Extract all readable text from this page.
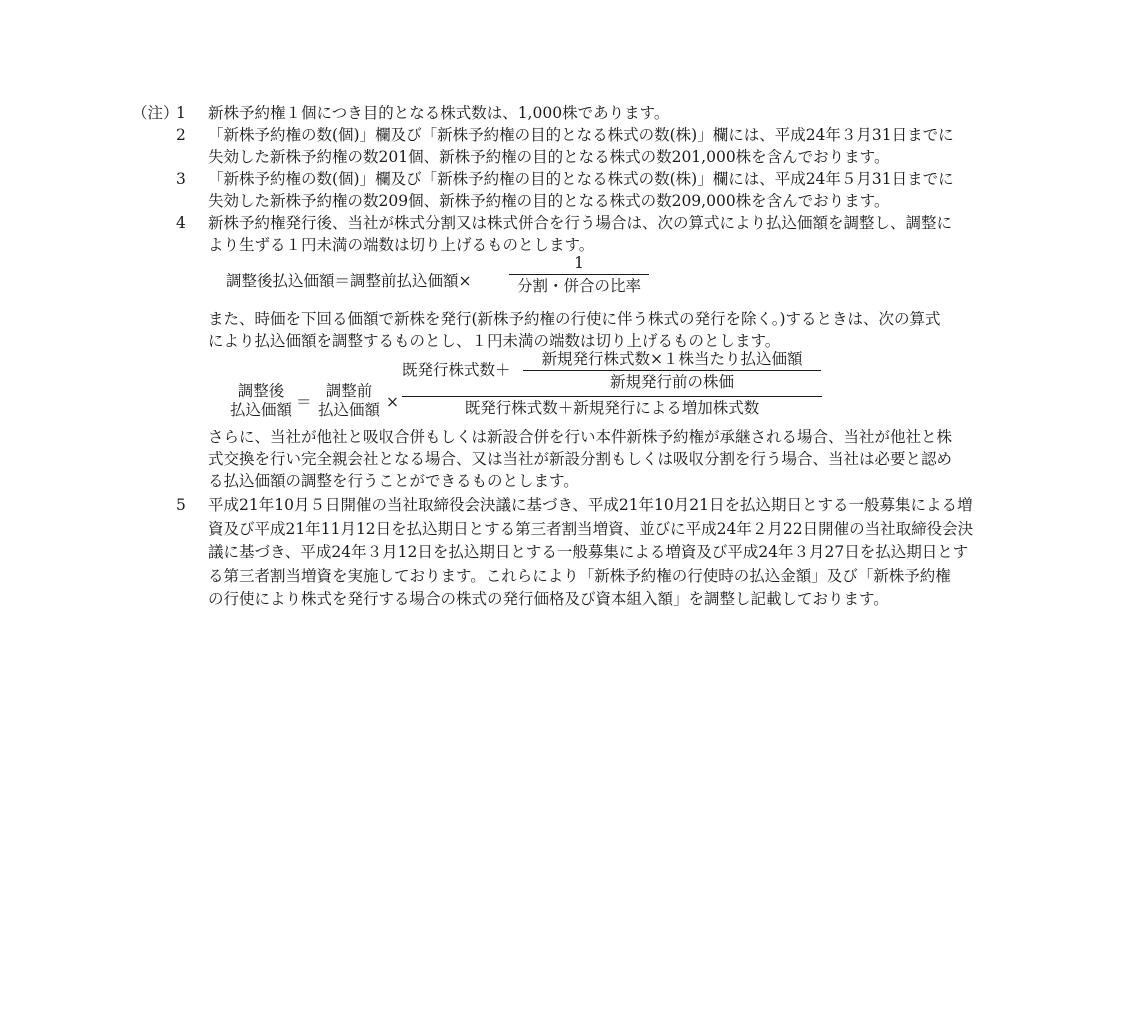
（注）
1 新株予約権１個につき目的となる株式数は、1,000株であります。
2 「新株予約権の数(個)」欄及び「新株予約権の目的となる株式の数(株)」欄には、平成24年３月31日までに
失効した新株予約権の数201個、新株予約権の目的となる株式の数201,000株を含んでおります。
3 「新株予約権の数(個)」欄及び「新株予約権の目的となる株式の数(株)」欄には、平成24年５月31日までに
失効した新株予約権の数209個、新株予約権の目的となる株式の数209,000株を含んでおります。
4 新株予約権発行後、当社が株式分割又は株式併合を行う場合は、次の算式により払込価額を調整し、調整に
より生ずる１円未満の端数は切り上げるものとします。
調整後払込価額＝調整前払込価額×
1
分割・併合の比率
また、時価を下回る価額で新株を発行(新株予約権の行使に伴う株式の発行を除く。)するときは、次の算式
により払込価額を調整するものとし、１円未満の端数は切り上げるものとします。
調整後
払込価額 ＝
調整前
払込価額 ×
既発行株式数＋
新規発行株式数×１株当たり払込価額
新規発行前の株価
既発行株式数＋新規発行による増加株式数
さらに、当社が他社と吸収合併もしくは新設合併を行い本件新株予約権が承継される場合、当社が他社と株
式交換を行い完全親会社となる場合、又は当社が新設分割もしくは吸収分割を行う場合、当社は必要と認め
る払込価額の調整を行うことができるものとします。
5 平成21年10月５日開催の当社取締役会決議に基づき、平成21年10月21日を払込期日とする一般募集による増
資及び平成21年11月12日を払込期日とする第三者割当増資、並びに平成24年２月22日開催の当社取締役会決
議に基づき、平成24年３月12日を払込期日とする一般募集による増資及び平成24年３月27日を払込期日とす
る第三者割当増資を実施しております。これらにより「新株予約権の行使時の払込金額」及び「新株予約権
の行使により株式を発行する場合の株式の発行価格及び資本組入額」を調整し記載しております。
